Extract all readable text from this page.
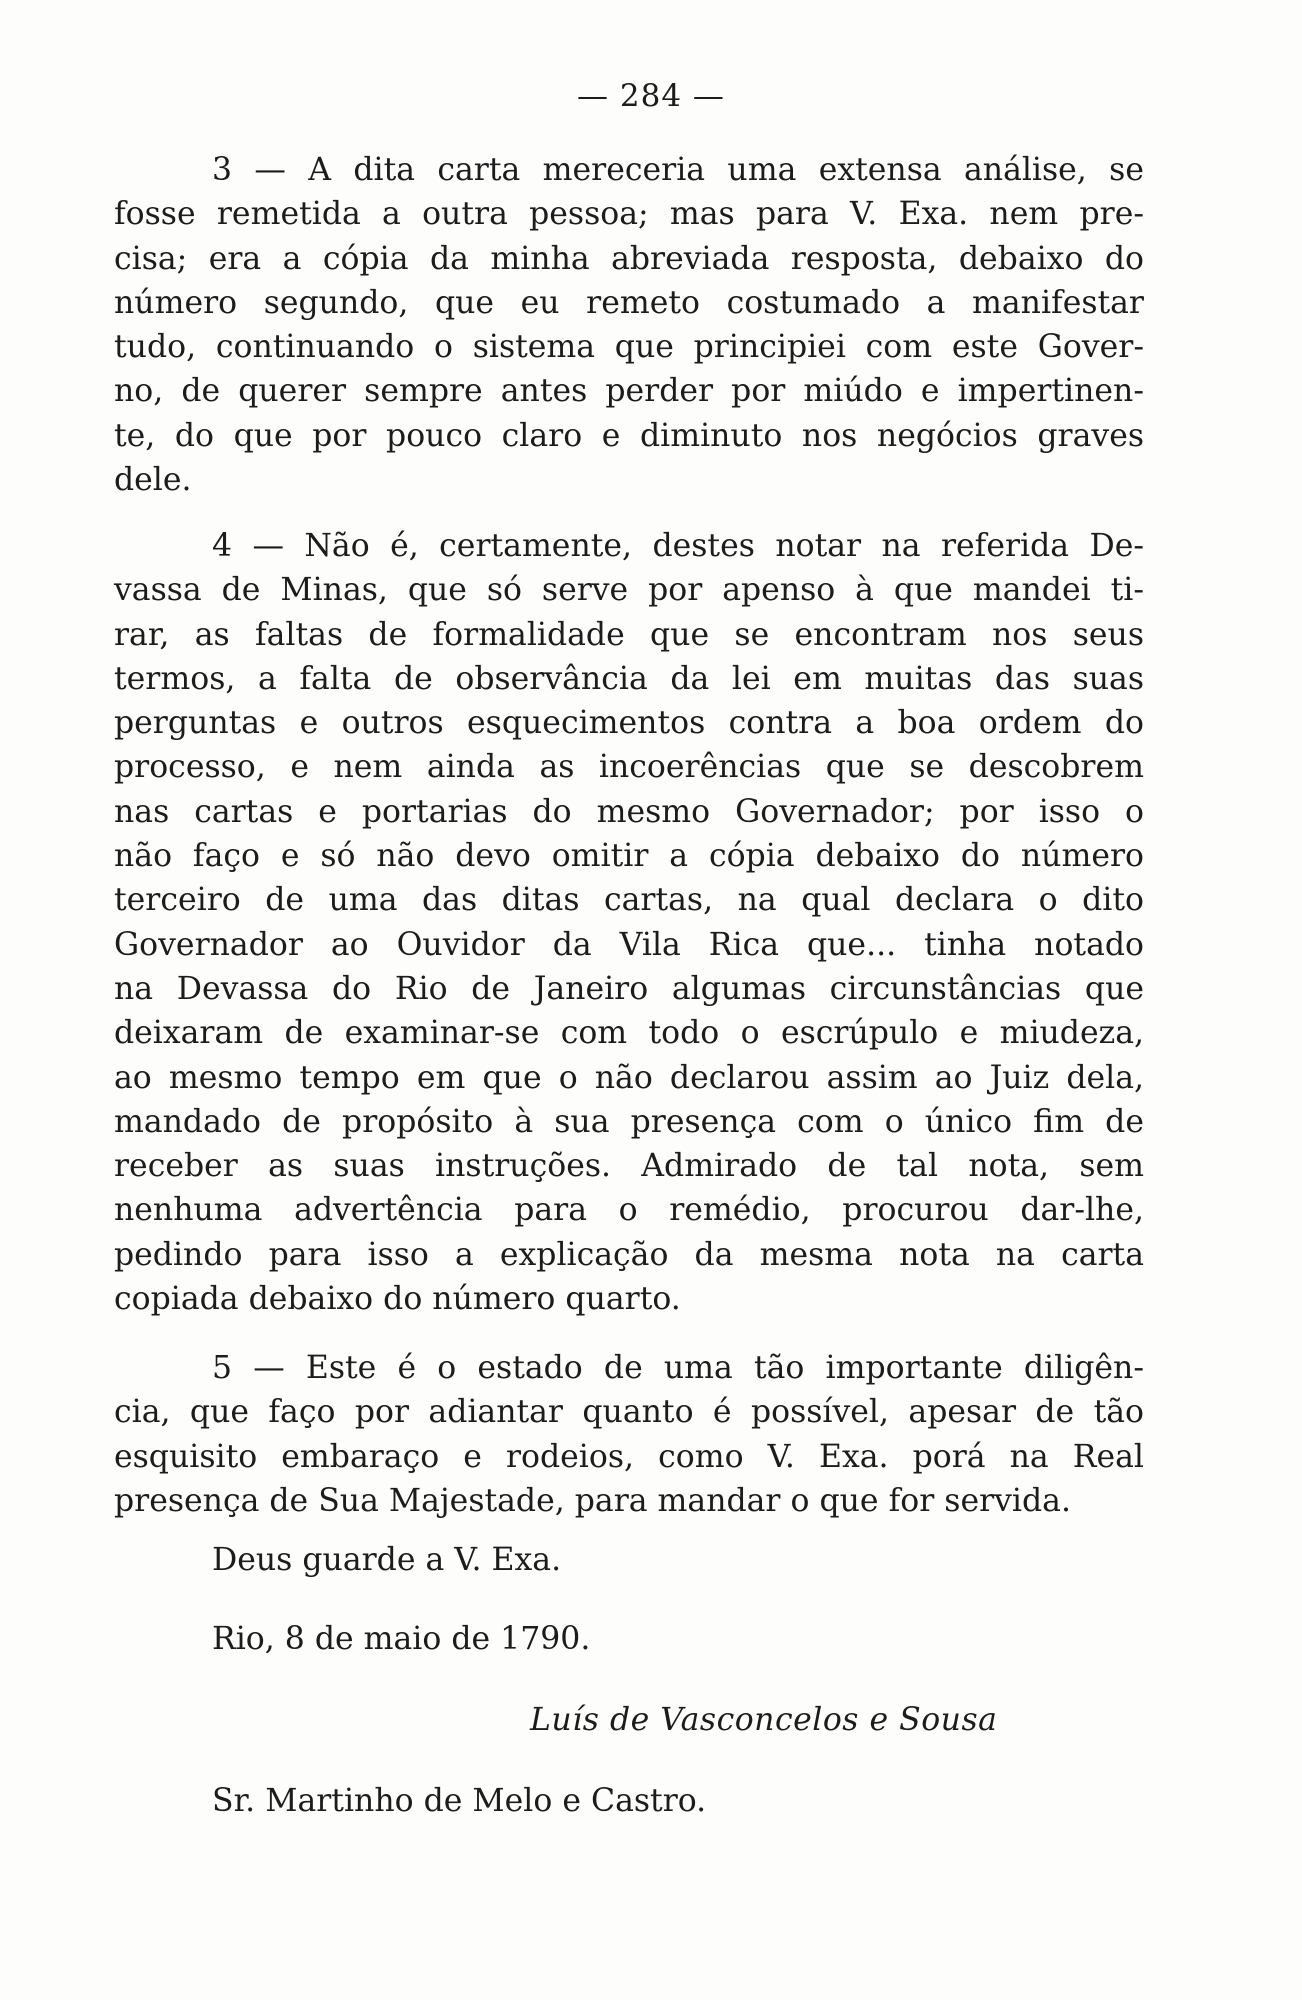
— 284 —
3 — A dita carta mereceria uma extensa análise, se
fosse remetida a outra pessoa; mas para V. Exa. nem pre-
cisa; era a cópia da minha abreviada resposta, debaixo do
número segundo, que eu remeto costumado a manifestar
tudo, continuando o sistema que principiei com este Gover-
no, de querer sempre antes perder por miúdo e impertinen-
te, do que por pouco claro e diminuto nos negócios graves
dele.
4 — Não é, certamente, destes notar na referida De-
vassa de Minas, que só serve por apenso à que mandei ti-
rar, as faltas de formalidade que se encontram nos seus
termos, a falta de observância da lei em muitas das suas
perguntas e outros esquecimentos contra a boa ordem do
processo, e nem ainda as incoerências que se descobrem
nas cartas e portarias do mesmo Governador; por isso o
não faço e só não devo omitir a cópia debaixo do número
terceiro de uma das ditas cartas, na qual declara o dito
Governador ao Ouvidor da Vila Rica que... tinha notado
na Devassa do Rio de Janeiro algumas circunstâncias que
deixaram de examinar-se com todo o escrúpulo e miudeza,
ao mesmo tempo em que o não declarou assim ao Juiz dela,
mandado de propósito à sua presença com o único fim de
receber as suas instruções. Admirado de tal nota, sem
nenhuma advertência para o remédio, procurou dar-lhe,
pedindo para isso a explicação da mesma nota na carta
copiada debaixo do número quarto.
5 — Este é o estado de uma tão importante diligên-
cia, que faço por adiantar quanto é possível, apesar de tão
esquisito embaraço e rodeios, como V. Exa. porá na Real
presença de Sua Majestade, para mandar o que for servida.
Deus guarde a V. Exa.
Rio, 8 de maio de 1790.
Luís de Vasconcelos e Sousa
Sr. Martinho de Melo e Castro.
